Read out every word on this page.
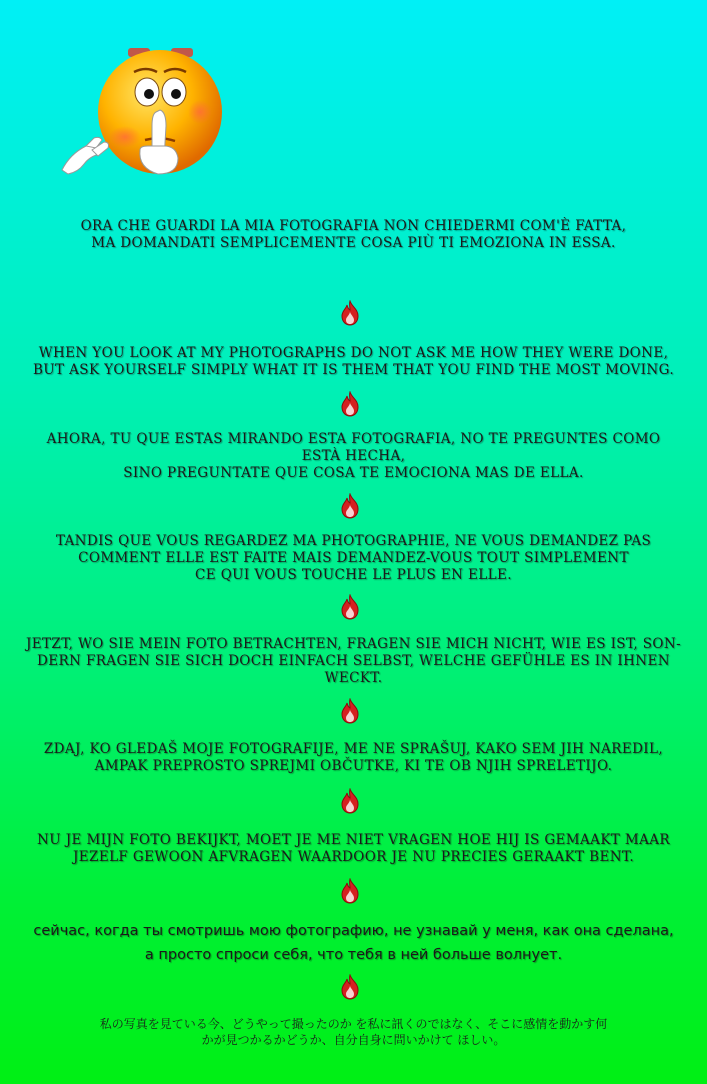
ORA CHE GUARDI LA MIA FOTOGRAFIA NON CHIEDERMI COM'È FATTA,
MA DOMANDATI SEMPLICEMENTE COSA PIÙ TI EMOZIONA IN ESSA.
WHEN YOU LOOK AT MY PHOTOGRAPHS DO NOT ASK ME HOW THEY WERE DONE,
BUT ASK YOURSELF SIMPLY WHAT IT IS THEM THAT YOU FIND THE MOST MOVING.
AHORA, TU QUE ESTAS MIRANDO ESTA FOTOGRAFIA, NO TE PREGUNTES COMO
ESTÀ HECHA,
SINO PREGUNTATE QUE COSA TE EMOCIONA MAS DE ELLA.
TANDIS QUE VOUS REGARDEZ MA PHOTOGRAPHIE, NE VOUS DEMANDEZ PAS
COMMENT ELLE EST FAITE MAIS DEMANDEZ-VOUS TOUT SIMPLEMENT
CE QUI VOUS TOUCHE LE PLUS EN ELLE.
JETZT, WO SIE MEIN FOTO BETRACHTEN, FRAGEN SIE MICH NICHT, WIE ES IST, SON-
DERN FRAGEN SIE SICH DOCH EINFACH SELBST, WELCHE GEFÜHLE ES IN IHNEN
WECKT.
ZDAJ, KO GLEDAŠ MOJE FOTOGRAFIJE, ME NE SPRAŠUJ, KAKO SEM JIH NAREDIL,
AMPAK PREPROSTO SPREJMI OBČUTKE, KI TE OB NJIH SPRELETIJO.
NU JE MIJN FOTO BEKIJKT, MOET JE ME NIET VRAGEN HOE HIJ IS GEMAAKT MAAR
JEZELF GEWOON AFVRAGEN WAARDOOR JE NU PRECIES GERAAKT BENT.
сейчас, когда ты смотришь мою фотографию, не узнавай у меня, как она сделана,
а просто спроси себя, что тебя в ней больше волнует.
私の写真を見ている今、どうやって撮ったのか を私に訊くのではなく、そこに感情を動かす何
かが見つかるかどうか、自分自身に問いかけて ほしい。
